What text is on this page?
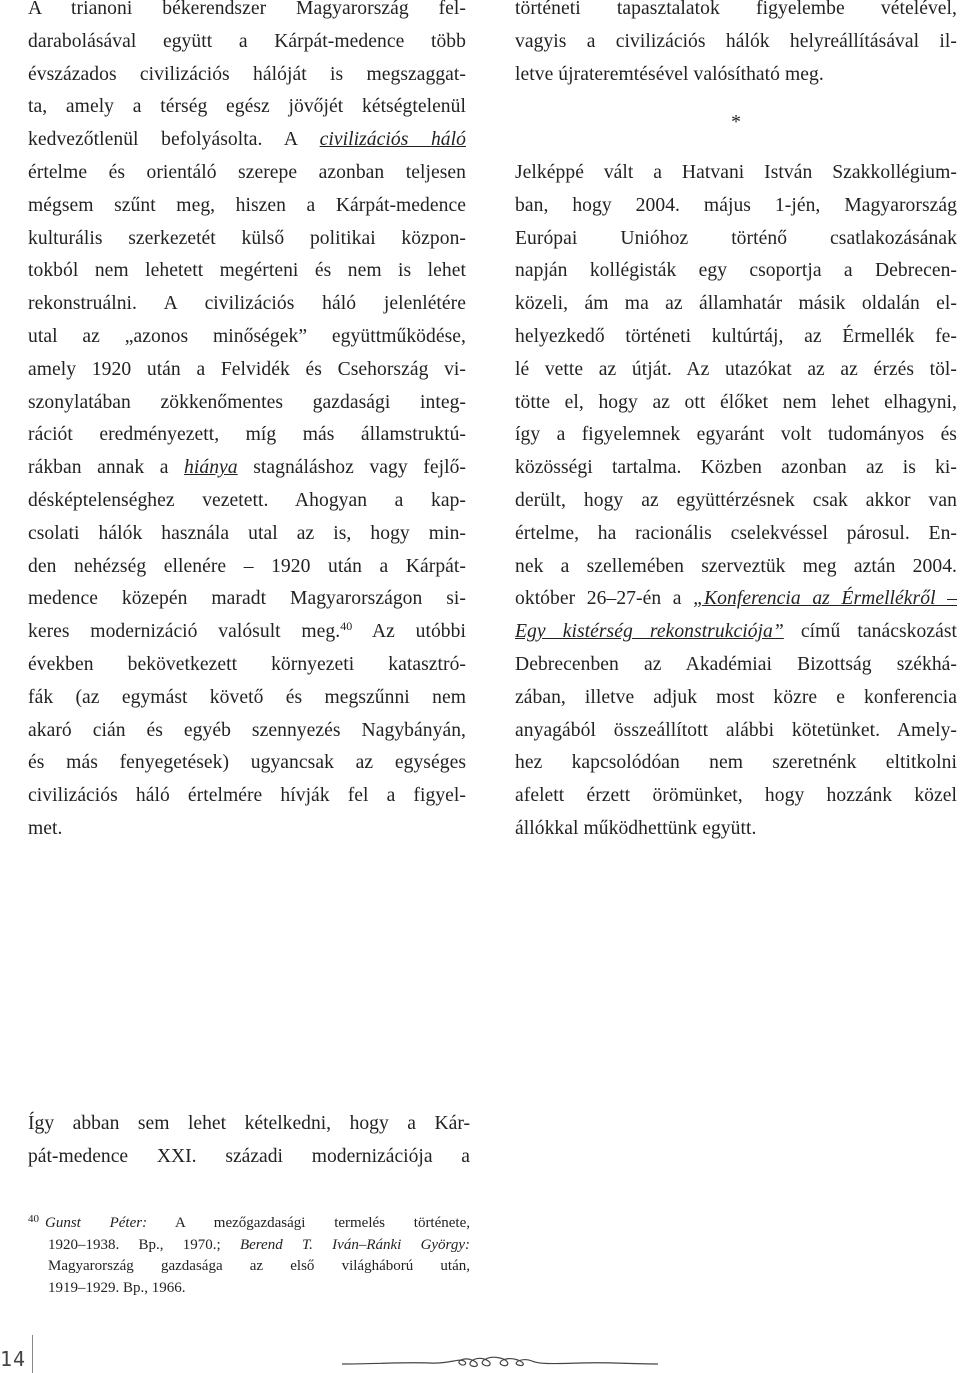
A trianoni békerendszer Magyarország fel-
darabolásával együtt a Kárpát-medence több
évszázados civilizációs hálóját is megszaggat-
ta, amely a térség egész jövőjét kétségtelenül
kedvezőtlenül befolyásolta. A civilizációs háló
értelme és orientáló szerepe azonban teljesen
mégsem szűnt meg, hiszen a Kárpát-medence
kulturális szerkezetét külső politikai közpon-
tokból nem lehetett megérteni és nem is lehet
rekonstruálni. A civilizációs háló jelenlétére
utal az „azonos minőségek” együttműködése,
amely 1920 után a Felvidék és Csehország vi-
szonylatában zökkenőmentes gazdasági integ-
rációt eredményezett, míg más államstruktú-
rákban annak a hiánya stagnáláshoz vagy fejlő-
désképtelenséghez vezetett. Ahogyan a kap-
csolati hálók használa utal az is, hogy min-
den nehézség ellenére – 1920 után a Kárpát-
medence közepén maradt Magyarországon si-
keres modernizáció valósult meg.$^{40}$ Az utóbbi
években bekövetkezett környezeti katasztró-
fák (az egymást követő és megszűnni nem
akaró cián és egyéb szennyezés Nagybányán,
és más fenyegetések) ugyancsak az egységes
civilizációs háló értelmére hívják fel a figyel-
met.

történeti tapasztalatok figyelembe vételével,
vagyis a civilizációs hálók helyreállításával il-
letve újrateremtésével valósítható meg.

*

Jelképpé vált a Hatvani István Szakkollégium-
ban, hogy 2004. május 1-jén, Magyarország
Európai Unióhoz történő csatlakozásának
napján kollégisták egy csoportja a Debrecen-
közeli, ám ma az államhatár másik oldalán el-
helyezkedő történeti kultúrtáj, az Érmellék fe-
lé vette az útját. Az utazókat az az érzés töl-
tötte el, hogy az ott élőket nem lehet elhagyni,
így a figyelemnek egyaránt volt tudományos és
közösségi tartalma. Közben azonban az is ki-
derült, hogy az együttérzésnek csak akkor van
értelme, ha racionális cselekvéssel párosul. En-
nek a szellemében szerveztük meg aztán 2004.
október 26–27-én a „Konferencia az Érmellékről –
Egy kistérség rekonstrukciója” című tanácskozást
Debrecenben az Akadémiai Bizottság székhá-
zában, illetve adjuk most közre e konferencia
anyagából összeállított alábbi kötetünket. Amely-
hez kapcsolódóan nem szeretnénk eltitkolni
afelett érzett örömünket, hogy hozzánk közel
állókkal működhettünk együtt.

Így abban sem lehet kételkedni, hogy a Kár-
pát-medence XXI. századi modernizációja a
$^{40}$ Gunst Péter: A mezőgazdasági termelés története,
1920–1938. Bp., 1970.; Berend T. Iván–Ránki György:
Magyarország gazdasága az első világháború után,
1919–1929. Bp., 1966.
14
